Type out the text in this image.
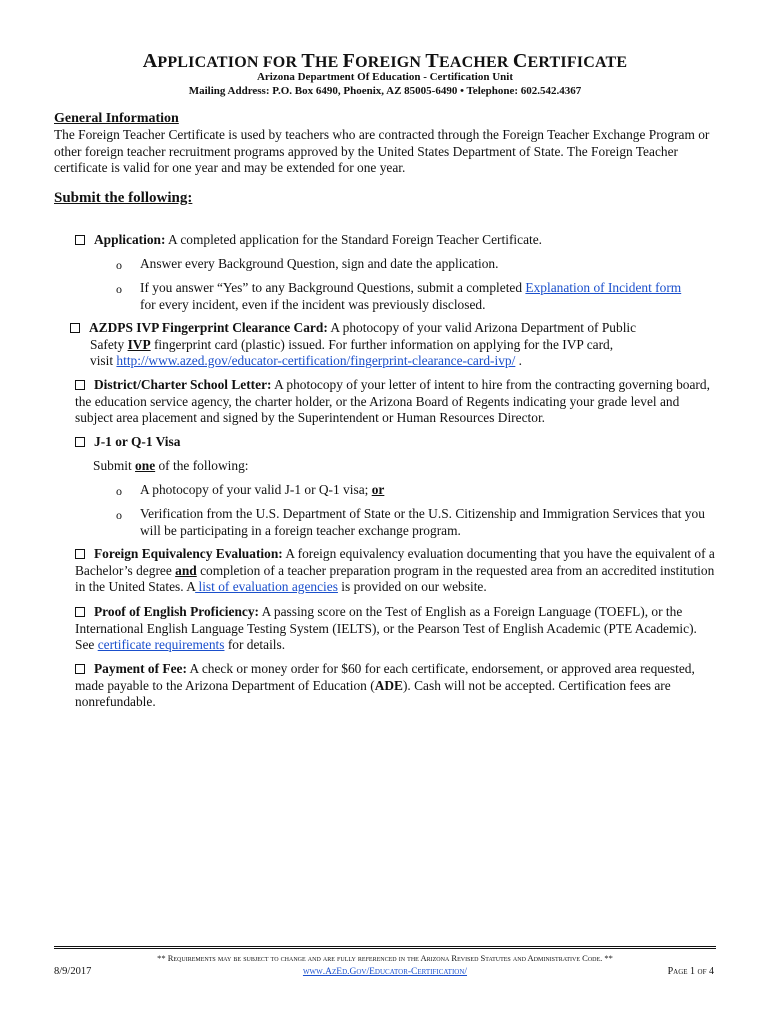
APPLICATION FOR THE FOREIGN TEACHER CERTIFICATE
Arizona Department Of Education - Certification Unit
Mailing Address: P.O. Box 6490, Phoenix, AZ 85005-6490 • Telephone: 602.542.4367
General Information
The Foreign Teacher Certificate is used by teachers who are contracted through the Foreign Teacher Exchange Program or other foreign teacher recruitment programs approved by the United States Department of State. The Foreign Teacher certificate is valid for one year and may be extended for one year.
Submit the following:
Application: A completed application for the Standard Foreign Teacher Certificate.
o Answer every Background Question, sign and date the application.
o If you answer “Yes” to any Background Questions, submit a completed Explanation of Incident form
for every incident, even if the incident was previously disclosed.
AZDPS IVP Fingerprint Clearance Card: A photocopy of your valid Arizona Department of Public
Safety IVP fingerprint card (plastic) issued. For further information on applying for the IVP card,
visit http://www.azed.gov/educator-certification/fingerprint-clearance-card-ivp/ .
District/Charter School Letter: A photocopy of your letter of intent to hire from the contracting governing board, the education service agency, the charter holder, or the Arizona Board of Regents indicating your grade level and subject area placement and signed by the Superintendent or Human Resources Director.
J-1 or Q-1 Visa
Submit one of the following:
o A photocopy of your valid J-1 or Q-1 visa; or
o Verification from the U.S. Department of State or the U.S. Citizenship and Immigration Services that you will be participating in a foreign teacher exchange program.
Foreign Equivalency Evaluation: A foreign equivalency evaluation documenting that you have the equivalent of a Bachelor’s degree and completion of a teacher preparation program in the requested area from an accredited institution in the United States. A list of evaluation agencies is provided on our website.
Proof of English Proficiency: A passing score on the Test of English as a Foreign Language (TOEFL), or the International English Language Testing System (IELTS), or the Pearson Test of English Academic (PTE Academic). See certificate requirements for details.
Payment of Fee: A check or money order for $60 for each certificate, endorsement, or approved area requested, made payable to the Arizona Department of Education (ADE). Cash will not be accepted. Certification fees are nonrefundable.
** Requirements may be subject to change and are fully referenced in the Arizona Revised Statutes and Administrative Code. **
8/9/2017	www.AzEd.Gov/Educator-Certification/	Page 1 of 4
